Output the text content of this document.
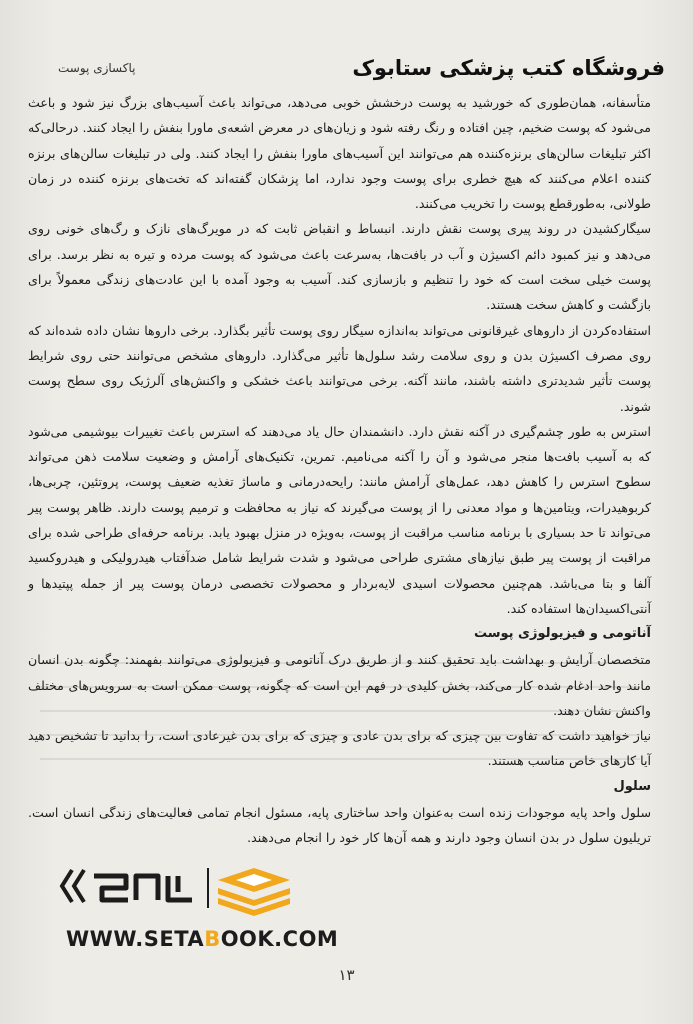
پاکسازی پوست	فروشگاه کتب پزشکی ستابوک

متأسفانه، همان‌طوری که خورشید به پوست درخشش خوبی می‌دهد، می‌تواند باعث آسیب‌های بزرگ نیز شود و باعث می‌شود که پوست ضخیم، چین افتاده و رنگ رفته شود و زیان‌های در معرض اشعه‌ی ماورا بنفش را ایجاد کنند. درحالی‌که اکثر تبلیغات سالن‌های برنزه‌کننده هم می‌توانند این آسیب‌های ماورا بنفش را ایجاد کنند. ولی در تبلیغات سالن‌های برنزه کننده اعلام می‌کنند که هیچ خطری برای پوست وجود ندارد، اما پزشکان گفته‌اند که تخت‌های برنزه کننده در زمان طولانی، به‌طورقطع پوست را تخریب می‌کنند.

سیگارکشیدن در روند پیری پوست نقش دارند. انبساط و انقباض ثابت که در مویرگ‌های نازک و رگ‌های خونی روی می‌دهد و نیز کمبود دائم اکسیژن و آب در بافت‌ها، به‌سرعت باعث می‌شود که پوست مرده و تیره به نظر برسد. برای پوست خیلی سخت است که خود را تنظیم و بازسازی کند. آسیب به وجود آمده با این عادت‌های زندگی معمولاً برای بازگشت و کاهش سخت هستند.

استفاده‌کردن از داروهای غیرقانونی می‌تواند به‌اندازه سیگار روی پوست تأثیر بگذارد. برخی داروها نشان داده شده‌اند که روی مصرف اکسیژن بدن و روی سلامت رشد سلول‌ها تأثیر می‌گذارد. داروهای مشخص می‌توانند حتی روی شرایط پوست تأثیر شدیدتری داشته باشند، مانند آکنه. برخی می‌توانند باعث خشکی و واکنش‌های آلرژیک روی سطح پوست شوند.

استرس به طور چشم‌گیری در آکنه نقش دارد. دانشمندان حال یاد می‌دهند که استرس باعث تغییرات بیوشیمی می‌شود که به آسیب بافت‌ها منجر می‌شود و آن را آکنه می‌نامیم. تمرین، تکنیک‌های آرامش و وضعیت سلامت ذهن می‌تواند سطوح استرس را کاهش دهد، عمل‌های آرامش مانند: رایحه‌درمانی و ماساژ تغذیه ضعیف پوست، پروتئین، چربی‌ها، کربوهیدرات، ویتامین‌ها و مواد معدنی را از پوست می‌گیرند که نیاز به محافظت و ترمیم پوست دارند. ظاهر پوست پیر می‌تواند تا حد بسیاری با برنامه مناسب مراقبت از پوست، به‌ویژه در منزل بهبود یابد. برنامه حرفه‌ای طراحی شده برای مراقبت از پوست پیر طبق نیازهای مشتری طراحی می‌شود و شدت شرایط شامل ضدآفتاب هیدرولیکی و هیدروکسید آلفا و بتا می‌باشد. هم‌چنین محصولات اسیدی لایه‌بردار و محصولات تخصصی درمان پوست پیر از جمله پپتیدها و آنتی‌اکسیدان‌ها استفاده کند.

آناتومی و فیزیولوژی پوست

متخصصان آرایش و بهداشت باید تحقیق کنند و از طریق درک آناتومی و فیزیولوژی می‌توانند بفهمند: چگونه بدن انسان مانند واحد ادغام شده کار می‌کند، بخش کلیدی در فهم این است که چگونه، پوست ممکن است به سرویس‌های مختلف واکنش نشان دهند.

نیاز خواهید داشت که تفاوت بین چیزی که برای بدن عادی و چیزی که برای بدن غیرعادی است، را بدانید تا تشخیص دهید آیا کارهای خاص مناسب هستند.

سلول

سلول واحد پایه موجودات زنده است به‌عنوان واحد ساختاری پایه، مسئول انجام تمامی فعالیت‌های زندگی انسان است. تریلیون سلول در بدن انسان وجود دارند و همه آن‌ها کار خود را انجام می‌دهند.

WWW.SETABOOK.COM
۱۳
